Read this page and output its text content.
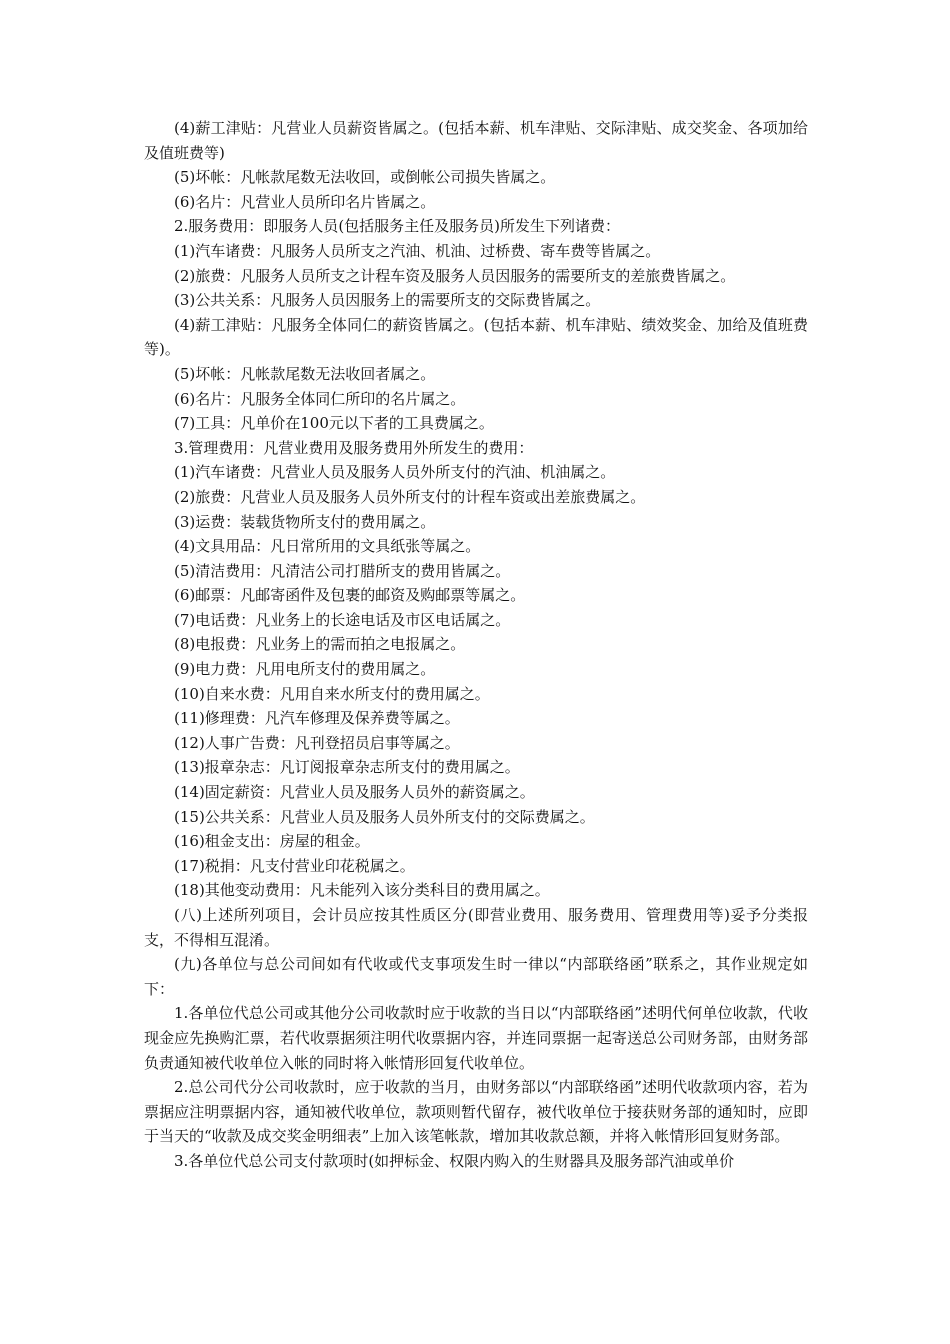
(4)薪工津贴：凡营业人员薪资皆属之。(包括本薪、机车津贴、交际津贴、成交奖金、各项加给及值班费等)

(5)坏帐：凡帐款尾数无法收回，或倒帐公司损失皆属之。

(6)名片：凡营业人员所印名片皆属之。

2.服务费用：即服务人员(包括服务主任及服务员)所发生下列诸费：

(1)汽车诸费：凡服务人员所支之汽油、机油、过桥费、寄车费等皆属之。

(2)旅费：凡服务人员所支之计程车资及服务人员因服务的需要所支的差旅费皆属之。

(3)公共关系：凡服务人员因服务上的需要所支的交际费皆属之。

(4)薪工津贴：凡服务全体同仁的薪资皆属之。(包括本薪、机车津贴、绩效奖金、加给及值班费等)。

(5)坏帐：凡帐款尾数无法收回者属之。

(6)名片：凡服务全体同仁所印的名片属之。

(7)工具：凡单价在100元以下者的工具费属之。

3.管理费用：凡营业费用及服务费用外所发生的费用：

(1)汽车诸费：凡营业人员及服务人员外所支付的汽油、机油属之。

(2)旅费：凡营业人员及服务人员外所支付的计程车资或出差旅费属之。

(3)运费：装载货物所支付的费用属之。

(4)文具用品：凡日常所用的文具纸张等属之。

(5)清洁费用：凡清洁公司打腊所支的费用皆属之。

(6)邮票：凡邮寄函件及包裹的邮资及购邮票等属之。

(7)电话费：凡业务上的长途电话及市区电话属之。

(8)电报费：凡业务上的需而拍之电报属之。

(9)电力费：凡用电所支付的费用属之。

(10)自来水费：凡用自来水所支付的费用属之。

(11)修理费：凡汽车修理及保养费等属之。

(12)人事广告费：凡刊登招员启事等属之。

(13)报章杂志：凡订阅报章杂志所支付的费用属之。

(14)固定薪资：凡营业人员及服务人员外的薪资属之。

(15)公共关系：凡营业人员及服务人员外所支付的交际费属之。

(16)租金支出：房屋的租金。

(17)税捐：凡支付营业印花税属之。

(18)其他变动费用：凡未能列入该分类科目的费用属之。

(八)上述所列项目，会计员应按其性质区分(即营业费用、服务费用、管理费用等)妥予分类报支，不得相互混淆。

(九)各单位与总公司间如有代收或代支事项发生时一律以“内部联络函”联系之，其作业规定如下：

1.各单位代总公司或其他分公司收款时应于收款的当日以“内部联络函”述明代何单位收款，代收现金应先换购汇票，若代收票据须注明代收票据内容，并连同票据一起寄送总公司财务部，由财务部负责通知被代收单位入帐的同时将入帐情形回复代收单位。

2.总公司代分公司收款时，应于收款的当月，由财务部以“内部联络函”述明代收款项内容，若为票据应注明票据内容，通知被代收单位，款项则暂代留存，被代收单位于接获财务部的通知时，应即于当天的“收款及成交奖金明细表”上加入该笔帐款，增加其收款总额，并将入帐情形回复财务部。

3.各单位代总公司支付款项时(如押标金、权限内购入的生财器具及服务部汽油或单价
